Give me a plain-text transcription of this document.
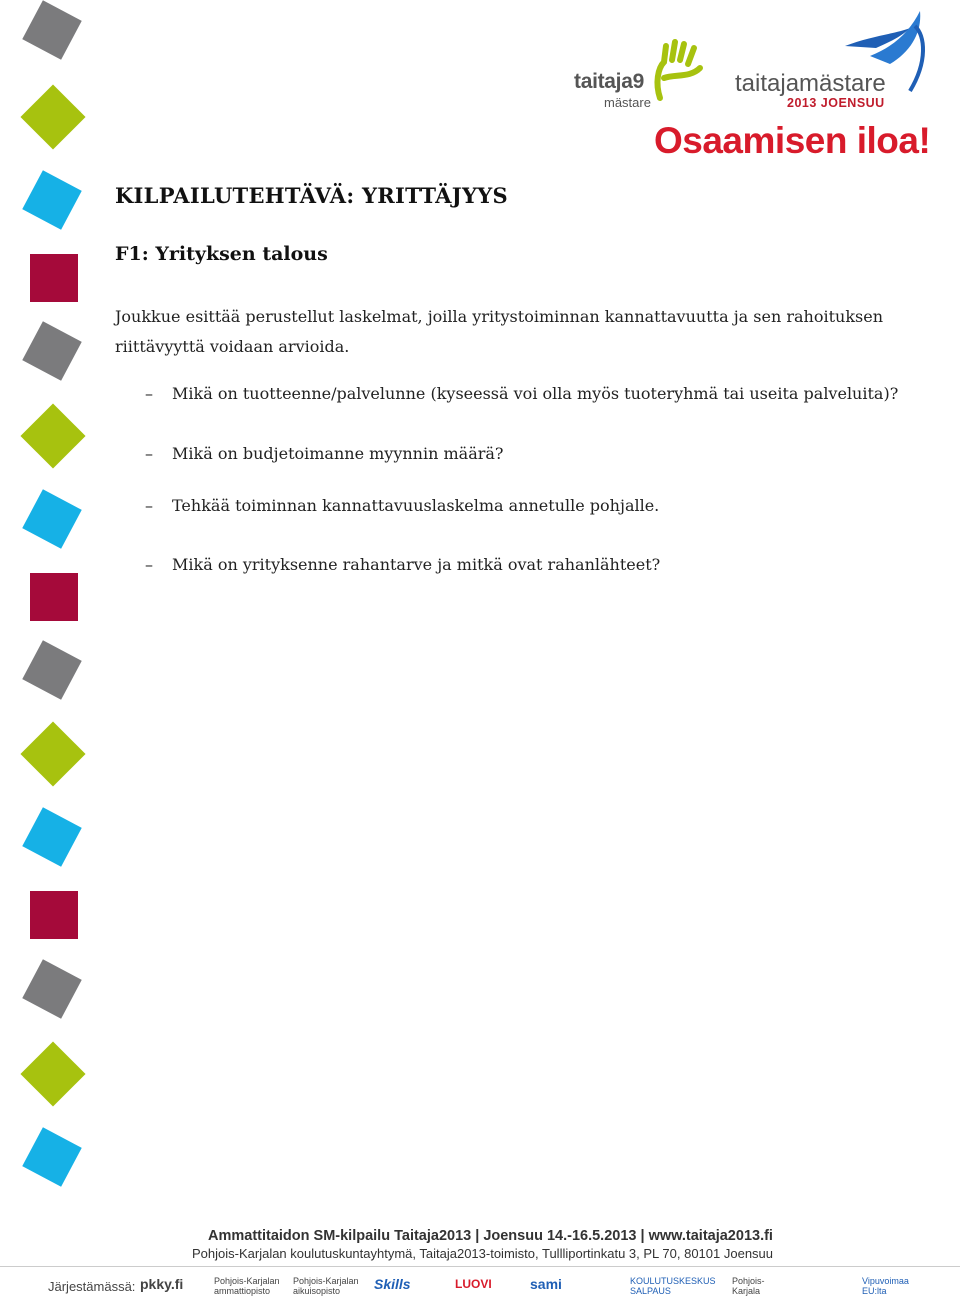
taitaja9
mästare
taitajamästare
2013 JOENSUU
Osaamisen iloa!
KILPAILUTEHTÄVÄ: YRITTÄJYYS
F1: Yrityksen talous

Joukkue esittää perustellut laskelmat, joilla yritystoiminnan kannattavuutta ja sen rahoituksen riittävyyttä voidaan arvioida.

– Mikä on tuotteenne/palvelunne (kyseessä voi olla myös tuoteryhmä tai useita palveluita)?
– Mikä on budjetoimanne myynnin määrä?
– Tehkää toiminnan kannattavuuslaskelma annetulle pohjalle.
– Mikä on yrityksenne rahantarve ja mitkä ovat rahanlähteet?
Ammattitaidon SM-kilpailu Taitaja2013 | Joensuu 14.-16.5.2013 | www.taitaja2013.fi
Pohjois-Karjalan koulutuskuntayhtymä, Taitaja2013-toimisto, Tullliportinkatu 3, PL 70, 80101 Joensuu
Järjestämässä: pkky.fi	Pohjois-Karjalan ammattiopisto
Pohjois-Karjalan aikuisopisto	Skills	LUOVI	sami	KOULUTUSKESKUS SALPAUS
Pohjois-Karjala
Vipuvoimaa EU:lta
